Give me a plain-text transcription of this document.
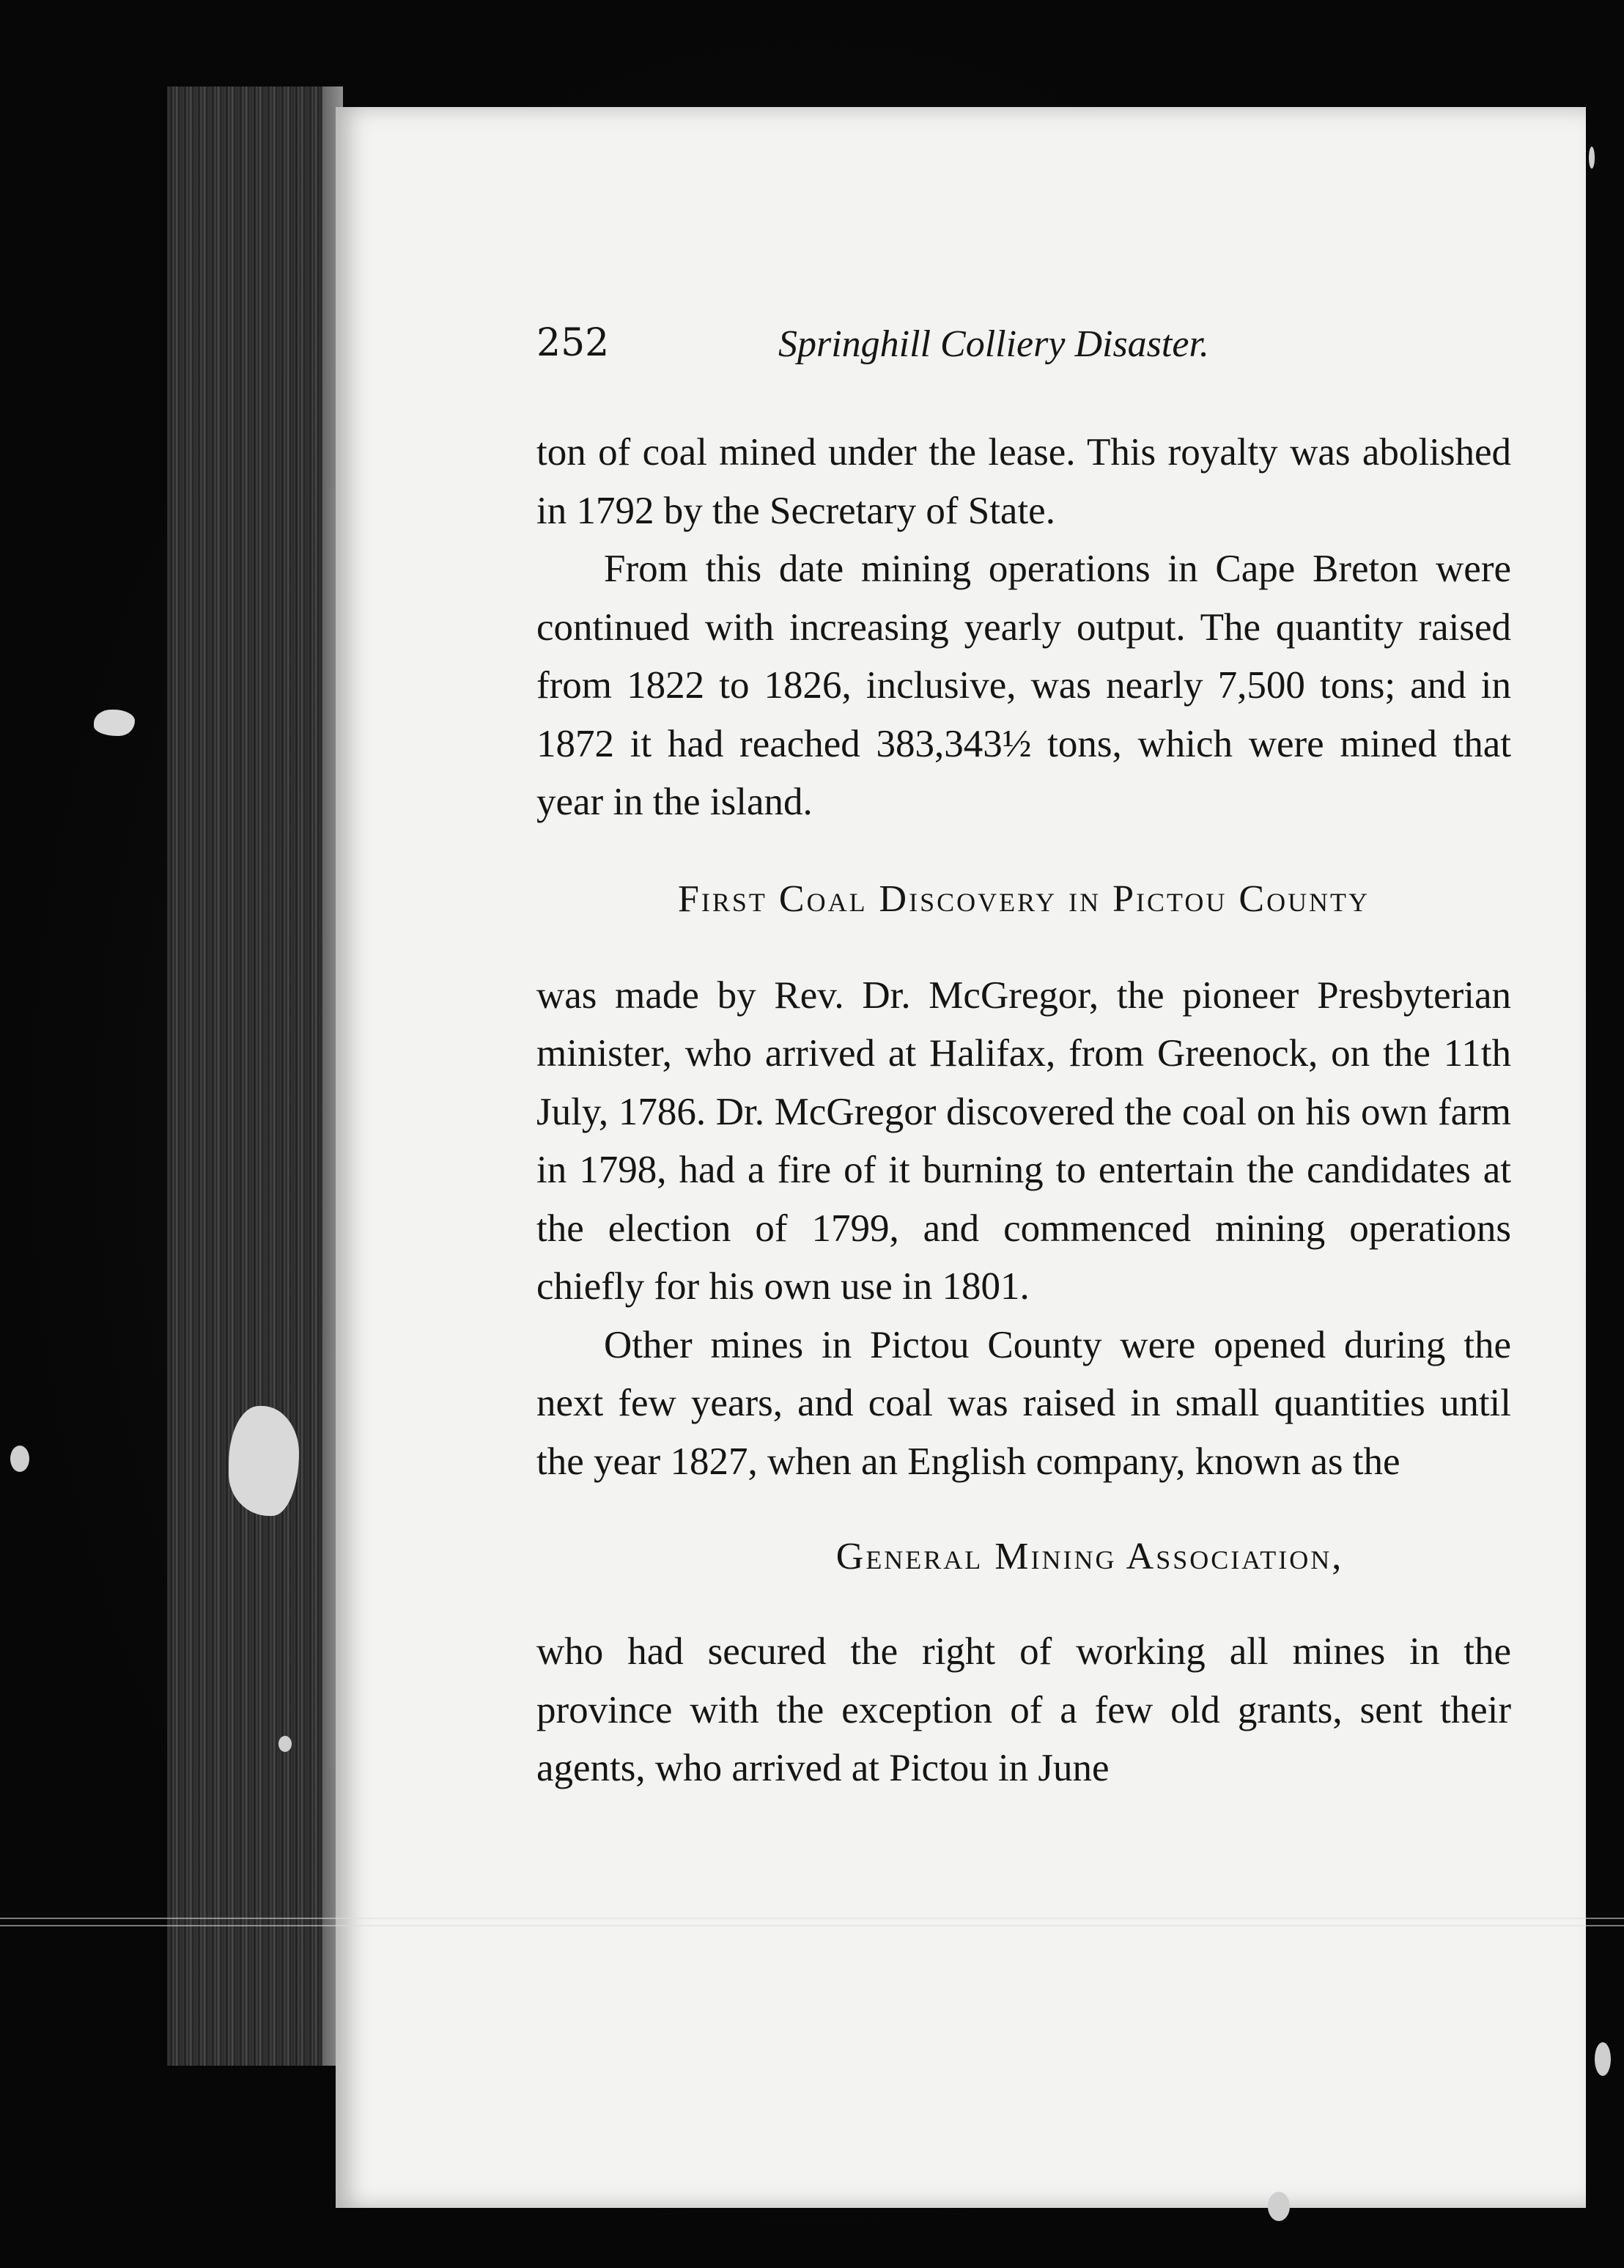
252	Springhill Colliery Disaster.

ton of coal mined under the lease. This royalty was abolished in 1792 by the Secretary of State.

From this date mining operations in Cape Breton were continued with increasing yearly output. The quantity raised from 1822 to 1826, inclusive, was nearly 7,500 tons; and in 1872 it had reached 383,343½ tons, which were mined that year in the island.

First Coal Discovery in Pictou County

was made by Rev. Dr. McGregor, the pioneer Presbyterian minister, who arrived at Halifax, from Greenock, on the 11th July, 1786. Dr. McGregor discovered the coal on his own farm in 1798, had a fire of it burning to entertain the candidates at the election of 1799, and commenced mining operations chiefly for his own use in 1801.

Other mines in Pictou County were opened during the next few years, and coal was raised in small quantities until the year 1827, when an English company, known as the

General Mining Association,

who had secured the right of working all mines in the province with the exception of a few old grants, sent their agents, who arrived at Pictou in June
